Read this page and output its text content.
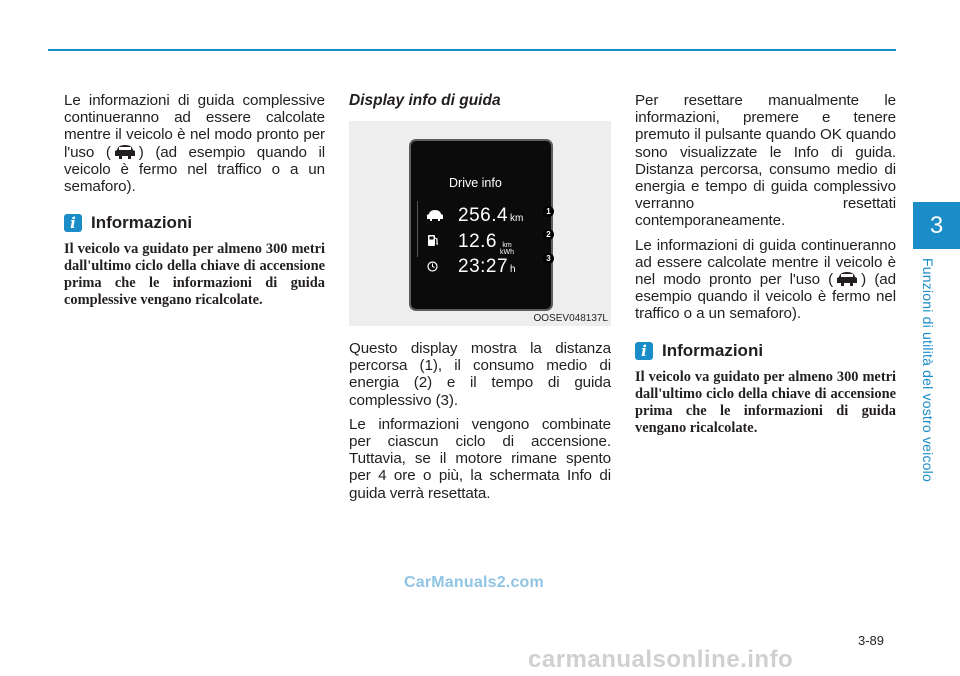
3
Funzioni di utilità del vostro veicolo

Le informazioni di guida complessive continueranno ad essere calcolate mentre il veicolo è nel modo pronto per l'uso ( ) (ad esempio quando il veicolo è fermo nel traffico o a un semaforo).

i Informazioni

Il veicolo va guidato per almeno 300 metri dall'ultimo ciclo della chiave di accensione prima che le informazioni di guida complessive vengano ricalcolate.

Display info di guida
Drive info
256.4 km
12.6 km
kWh
23:27 h
1
2
3
OOSEV048137L

Questo display mostra la distanza percorsa (1), il consumo medio di energia (2) e il tempo di guida complessivo (3).

Le informazioni vengono combinate per ciascun ciclo di accensione. Tuttavia, se il motore rimane spento per 4 ore o più, la schermata Info di guida verrà resettata.

Per resettare manualmente le informazioni, premere e tenere premuto il pulsante quando OK quando sono visualizzate le Info di guida. Distanza percorsa, consumo medio di energia e tempo di guida complessivo verranno resettati contemporaneamente.

Le informazioni di guida continueranno ad essere calcolate mentre il veicolo è nel modo pronto per l'uso ( ) (ad esempio quando il veicolo è fermo nel traffico o a un semaforo).

i Informazioni

Il veicolo va guidato per almeno 300 metri dall'ultimo ciclo della chiave di accensione prima che le informazioni di guida vengano ricalcolate.

CarManuals2.com
3-89
carmanualsonline.info
